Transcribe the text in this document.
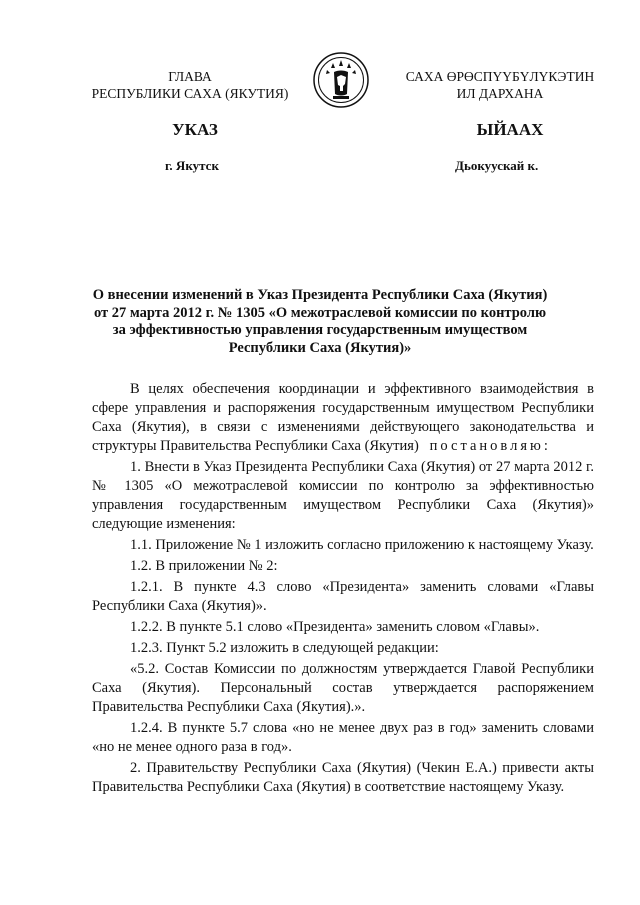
ГЛАВА
РЕСПУБЛИКИ САХА (ЯКУТИЯ)
САХА ӨРӨСПҮҮБҮЛҮКЭТИН
ИЛ ДАРХАНА
УКАЗ	ЫЙААХ
г. Якутск	Дьокуускай к.
О внесении изменений в Указ Президента Республики Саха (Якутия)
от 27 марта 2012 г. № 1305 «О межотраслевой комиссии по контролю
за эффективностью управления государственным имуществом
Республики Саха (Якутия)»

В целях обеспечения координации и эффективного взаимодействия в сфере управления и распоряжения государственным имуществом Республики Саха (Якутия), в связи с изменениями действующего законодательства и структуры Правительства Республики Саха (Якутия) постановляю:

1. Внести в Указ Президента Республики Саха (Якутия) от 27 марта 2012 г. № 1305 «О межотраслевой комиссии по контролю за эффективностью управления государственным имуществом Республики Саха (Якутия)» следующие изменения:

1.1. Приложение № 1 изложить согласно приложению к настоящему Указу.

1.2. В приложении № 2:

1.2.1. В пункте 4.3 слово «Президента» заменить словами «Главы Республики Саха (Якутия)».

1.2.2. В пункте 5.1 слово «Президента» заменить словом «Главы».

1.2.3. Пункт 5.2 изложить в следующей редакции:

«5.2. Состав Комиссии по должностям утверждается Главой Республики Саха (Якутия). Персональный состав утверждается распоряжением Правительства Республики Саха (Якутия).».

1.2.4. В пункте 5.7 слова «но не менее двух раз в год» заменить словами «но не менее одного раза в год».

2. Правительству Республики Саха (Якутия) (Чекин Е.А.) привести акты Правительства Республики Саха (Якутия) в соответствие настоящему Указу.
